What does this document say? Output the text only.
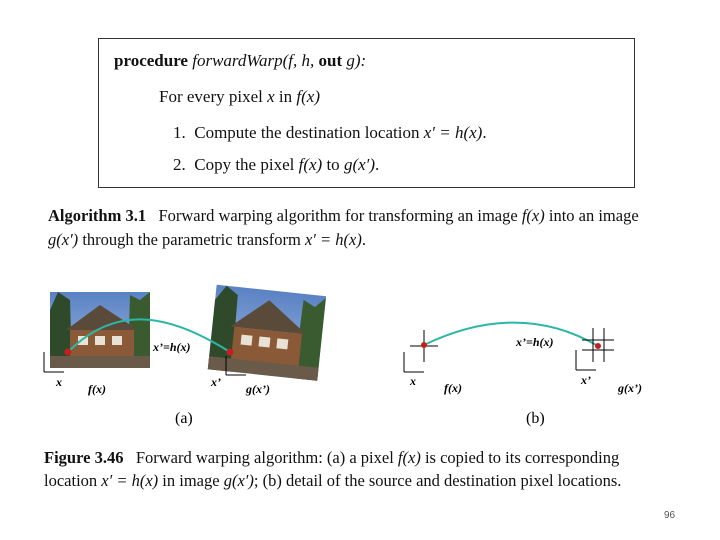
procedure forwardWarp(f, h, out g):
For every pixel x in f(x)
1. Compute the destination location x′ = h(x).
2. Copy the pixel f(x) to g(x′).
Algorithm 3.1 Forward warping algorithm for transforming an image f(x) into an image
g(x′) through the parametric transform x′ = h(x).
x f(x)
x’=h(x)
x’ g(x’)
(a)
x f(x)
x’=h(x)
x’
g(x’)
(b)
Figure 3.46 Forward warping algorithm: (a) a pixel f(x) is copied to its corresponding
location x′ = h(x) in image g(x′); (b) detail of the source and destination pixel locations.
96
